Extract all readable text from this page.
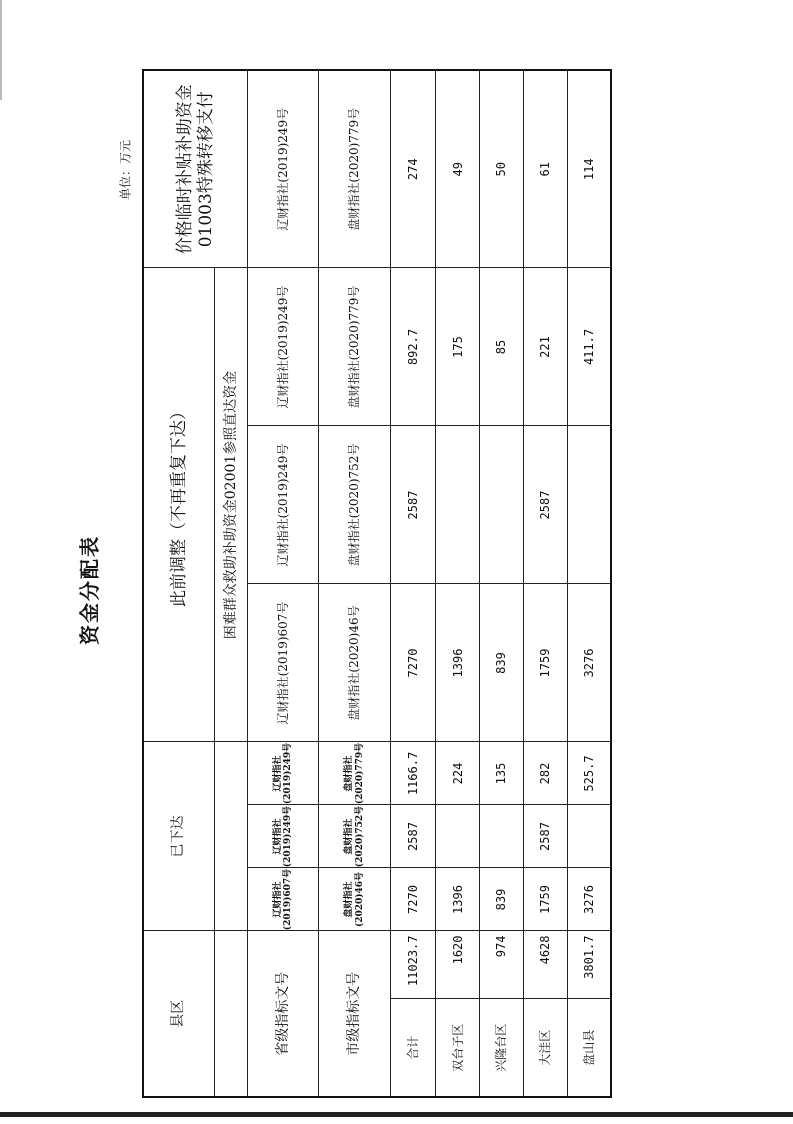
资金分配表
单位：万元
县区		已下达			此前调整（不再重复下达）			价格临时补贴补助资金01003特殊转移支付
					困难群众救助补助资金02001参照直达资金			
省级指标文号		辽财指社(2019)607号	辽财指社(2019)249号	辽财指社(2019)249号	辽财指社(2019)607号	辽财指社(2019)249号	辽财指社(2019)249号	辽财指社(2019)249号
市级指标文号		盘财指社(2020)46号	盘财指社(2020)752号	盘财指社(2020)779号	盘财指社(2020)46号	盘财指社(2020)752号	盘财指社(2020)779号	盘财指社(2020)779号
合计	11023.7	7270	2587	1166.7	7270	2587	892.7	274
双台子区	1620	1396		224	1396		175	49
兴隆台区	974	839		135	839		85	50
大洼区	4628	1759	2587	282	1759	2587	221	61
盘山县	3801.7	3276		525.7	3276		411.7	114
